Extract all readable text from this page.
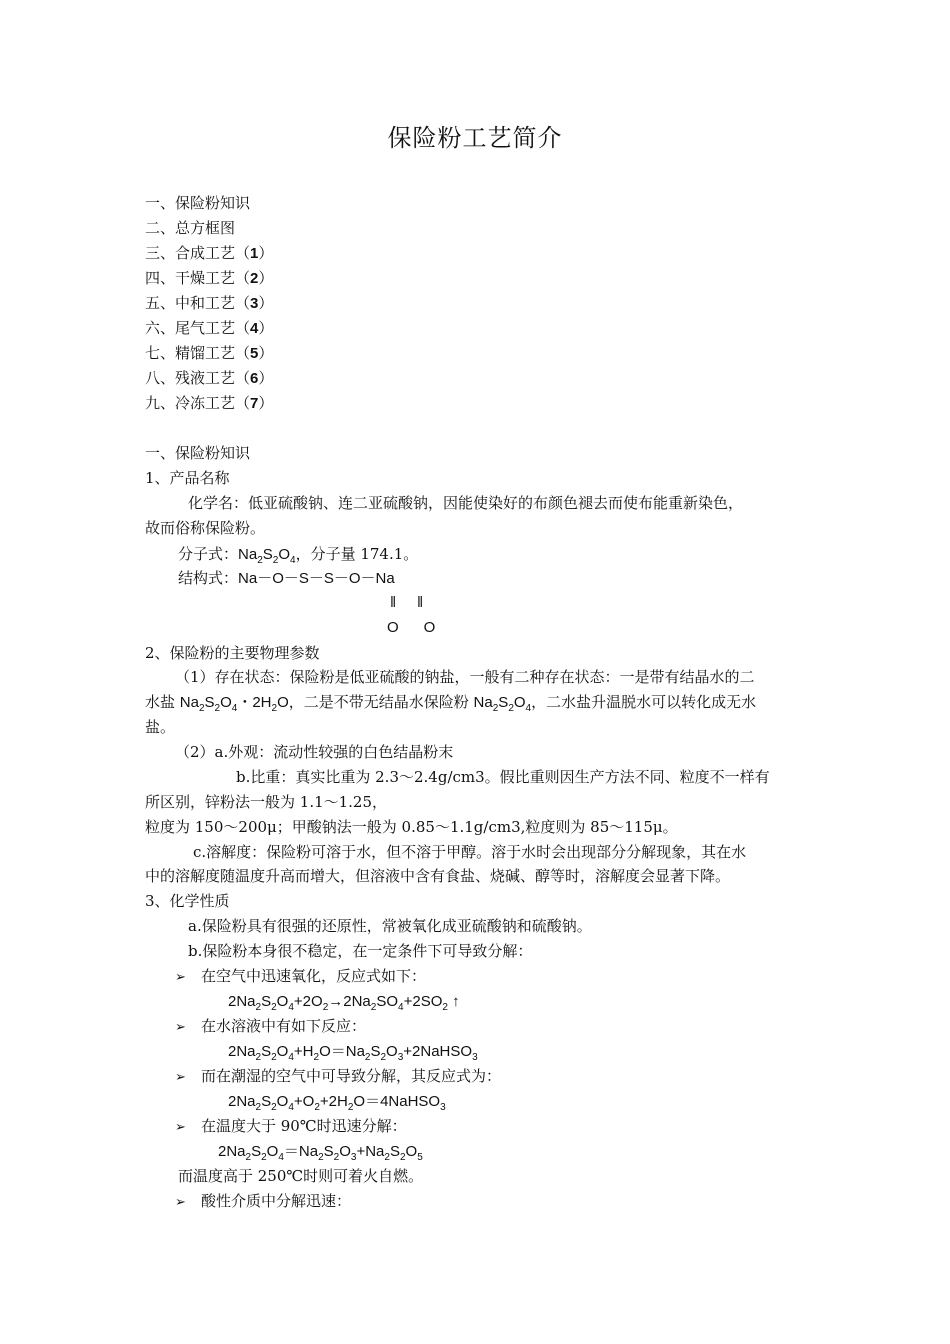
保险粉工艺简介
一、保险粉知识
二、总方框图
三、合成工艺（1）
四、干燥工艺（2）
五、中和工艺（3）
六、尾气工艺（4）
七、精馏工艺（5）
八、残液工艺（6）
九、冷冻工艺（7）
一、保险粉知识
1、产品名称
化学名：低亚硫酸钠、连二亚硫酸钠，因能使染好的布颜色褪去而使布能重新染色，
故而俗称保险粉。
分子式：$Na_2S_2O_4$，分子量 174.1。
结构式：Na－O－S－S－O－Na
‖     ‖
O      O
2、保险粉的主要物理参数
（1）存在状态：保险粉是低亚硫酸的钠盐，一般有二种存在状态：一是带有结晶水的二
水盐 $Na_2S_2O_4$・$2H_2O$，二是不带无结晶水保险粉 $Na_2S_2O_4$，二水盐升温脱水可以转化成无水
盐。
（2）a.外观：流动性较强的白色结晶粉末
b.比重：真实比重为 2.3～2.4g/cm3。假比重则因生产方法不同、粒度不一样有
所区别，锌粉法一般为 1.1～1.25，
粒度为 150～200μ；甲酸钠法一般为 0.85～1.1g/cm3,粒度则为 85～115μ。
c.溶解度：保险粉可溶于水，但不溶于甲醇。溶于水时会出现部分分解现象，其在水
中的溶解度随温度升高而增大，但溶液中含有食盐、烧碱、醇等时，溶解度会显著下降。
3、化学性质
a.保险粉具有很强的还原性，常被氧化成亚硫酸钠和硫酸钠。
b.保险粉本身很不稳定，在一定条件下可导致分解：
➢ 在空气中迅速氧化，反应式如下：
$2Na_2S_2O_4+2O_2\to 2Na_2SO_4+2SO_2$ ↑
➢ 在水溶液中有如下反应：
$2Na_2S_2O_4+H_2O=Na_2S_2O_3+2NaHSO_3$
➢ 而在潮湿的空气中可导致分解，其反应式为：
$2Na_2S_2O_4+O_2+2H_2O=4NaHSO_3$
➢ 在温度大于 90℃时迅速分解：
$2Na_2S_2O_4=Na_2S_2O_3+Na_2S_2O_5$
而温度高于 250℃时则可着火自燃。
➢ 酸性介质中分解迅速：
